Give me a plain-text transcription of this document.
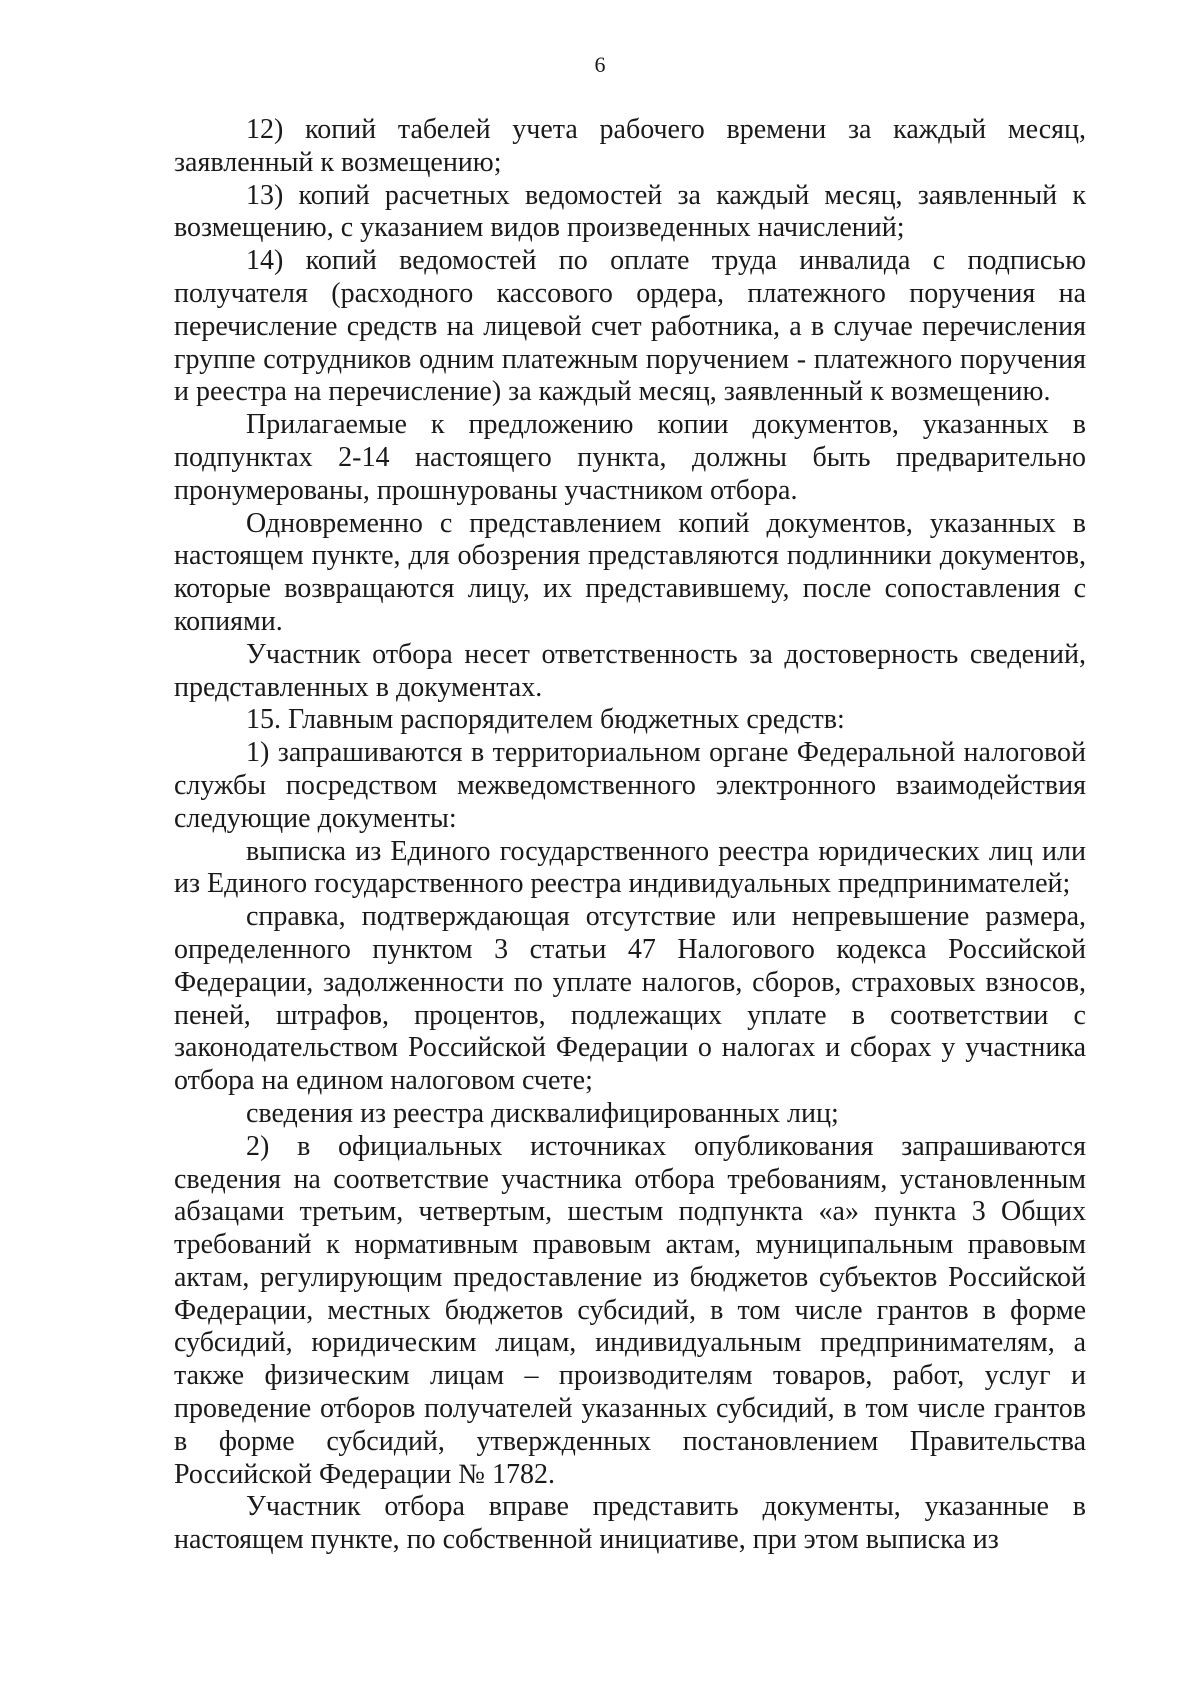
6

12) копий табелей учета рабочего времени за каждый месяц, заявленный к возмещению;

13) копий расчетных ведомостей за каждый месяц, заявленный к возмещению, с указанием видов произведенных начислений;

14) копий ведомостей по оплате труда инвалида с подписью получателя (расходного кассового ордера, платежного поручения на перечисление средств на лицевой счет работника, а в случае перечисления группе сотрудников одним платежным поручением - платежного поручения и реестра на перечисление) за каждый месяц, заявленный к возмещению.

Прилагаемые к предложению копии документов, указанных в подпунктах 2-14 настоящего пункта, должны быть предварительно пронумерованы, прошнурованы участником отбора.

Одновременно с представлением копий документов, указанных в настоящем пункте, для обозрения представляются подлинники документов, которые возвращаются лицу, их представившему, после сопоставления с копиями.

Участник отбора несет ответственность за достоверность сведений, представленных в документах.

15. Главным распорядителем бюджетных средств:

1) запрашиваются в территориальном органе Федеральной налоговой службы посредством межведомственного электронного взаимодействия следующие документы:

выписка из Единого государственного реестра юридических лиц или из Единого государственного реестра индивидуальных предпринимателей;

справка, подтверждающая отсутствие или непревышение размера, определенного пунктом 3 статьи 47 Налогового кодекса Российской Федерации, задолженности по уплате налогов, сборов, страховых взносов, пеней, штрафов, процентов, подлежащих уплате в соответствии с законодательством Российской Федерации о налогах и сборах у участника отбора на едином налоговом счете;

сведения из реестра дисквалифицированных лиц;

2) в официальных источниках опубликования запрашиваются сведения на соответствие участника отбора требованиям, установленным абзацами третьим, четвертым, шестым подпункта «а» пункта 3 Общих требований к нормативным правовым актам, муниципальным правовым актам, регулирующим предоставление из бюджетов субъектов Российской Федерации, местных бюджетов субсидий, в том числе грантов в форме субсидий, юридическим лицам, индивидуальным предпринимателям, а также физическим лицам – производителям товаров, работ, услуг и проведение отборов получателей указанных субсидий, в том числе грантов в форме субсидий, утвержденных постановлением Правительства Российской Федерации № 1782.

Участник отбора вправе представить документы, указанные в настоящем пункте, по собственной инициативе, при этом выписка из
